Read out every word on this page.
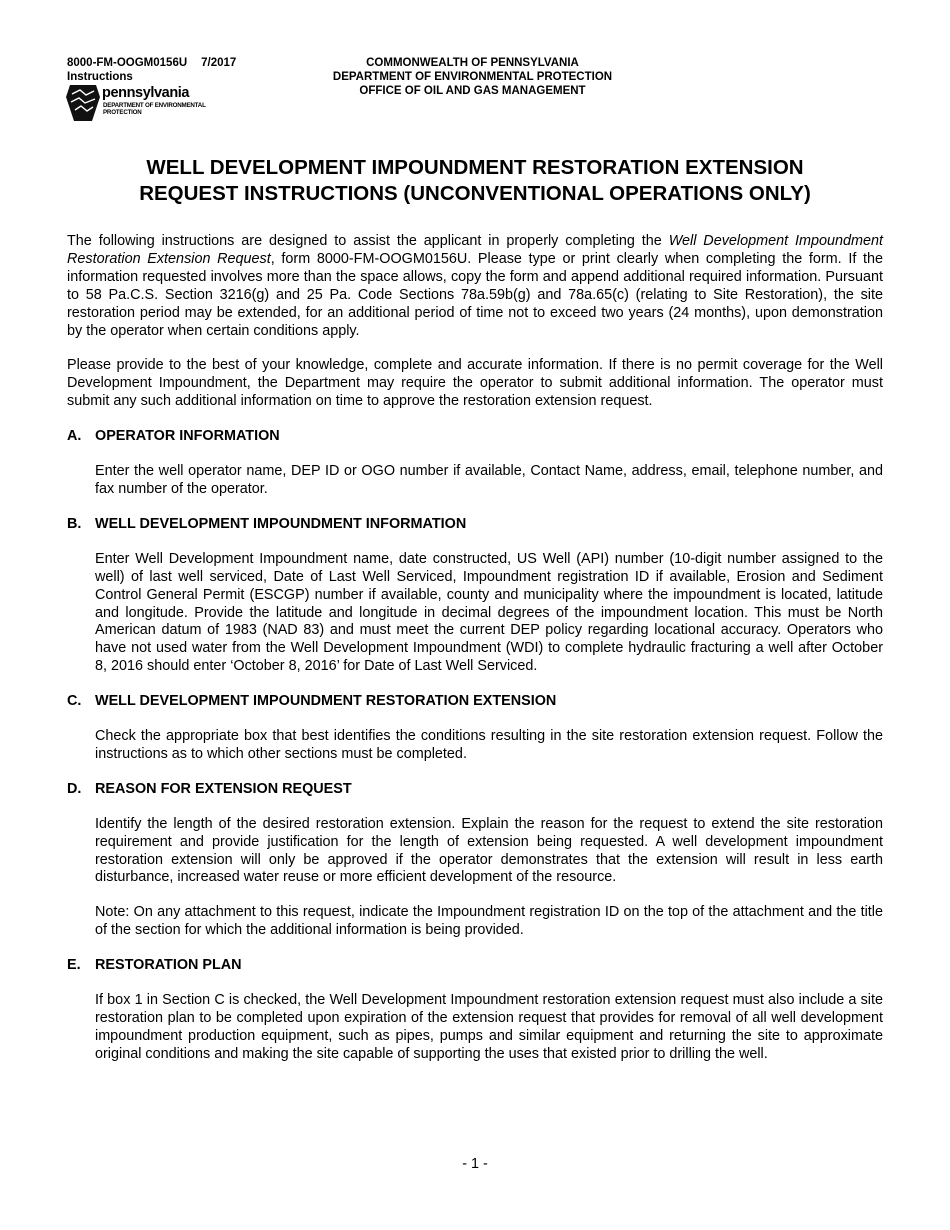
8000-FM-OOGM0156U 7/2017
Instructions
pennsylvania
DEPARTMENT OF ENVIRONMENTAL
PROTECTION
COMMONWEALTH OF PENNSYLVANIA
DEPARTMENT OF ENVIRONMENTAL PROTECTION
OFFICE OF OIL AND GAS MANAGEMENT
WELL DEVELOPMENT IMPOUNDMENT RESTORATION EXTENSION
REQUEST INSTRUCTIONS (UNCONVENTIONAL OPERATIONS ONLY)

The following instructions are designed to assist the applicant in properly completing the Well Development Impoundment Restoration Extension Request, form 8000-FM-OOGM0156U. Please type or print clearly when completing the form. If the information requested involves more than the space allows, copy the form and append additional required information. Pursuant to 58 Pa.C.S. Section 3216(g) and 25 Pa. Code Sections 78a.59b(g) and 78a.65(c) (relating to Site Restoration), the site restoration period may be extended, for an additional period of time not to exceed two years (24 months), upon demonstration by the operator when certain conditions apply.

Please provide to the best of your knowledge, complete and accurate information. If there is no permit coverage for the Well Development Impoundment, the Department may require the operator to submit additional information. The operator must submit any such additional information on time to approve the restoration extension request.

A. OPERATOR INFORMATION

Enter the well operator name, DEP ID or OGO number if available, Contact Name, address, email, telephone number, and fax number of the operator.

B. WELL DEVELOPMENT IMPOUNDMENT INFORMATION

Enter Well Development Impoundment name, date constructed, US Well (API) number (10-digit number assigned to the well) of last well serviced, Date of Last Well Serviced, Impoundment registration ID if available, Erosion and Sediment Control General Permit (ESCGP) number if available, county and municipality where the impoundment is located, latitude and longitude. Provide the latitude and longitude in decimal degrees of the impoundment location. This must be North American datum of 1983 (NAD 83) and must meet the current DEP policy regarding locational accuracy. Operators who have not used water from the Well Development Impoundment (WDI) to complete hydraulic fracturing a well after October 8, 2016 should enter ‘October 8, 2016’ for Date of Last Well Serviced.

C. WELL DEVELOPMENT IMPOUNDMENT RESTORATION EXTENSION

Check the appropriate box that best identifies the conditions resulting in the site restoration extension request. Follow the instructions as to which other sections must be completed.

D. REASON FOR EXTENSION REQUEST

Identify the length of the desired restoration extension. Explain the reason for the request to extend the site restoration requirement and provide justification for the length of extension being requested. A well development impoundment restoration extension will only be approved if the operator demonstrates that the extension will result in less earth disturbance, increased water reuse or more efficient development of the resource.

Note: On any attachment to this request, indicate the Impoundment registration ID on the top of the attachment and the title of the section for which the additional information is being provided.

E. RESTORATION PLAN

If box 1 in Section C is checked, the Well Development Impoundment restoration extension request must also include a site restoration plan to be completed upon expiration of the extension request that provides for removal of all well development impoundment production equipment, such as pipes, pumps and similar equipment and returning the site to approximate original conditions and making the site capable of supporting the uses that existed prior to drilling the well.

- 1 -
